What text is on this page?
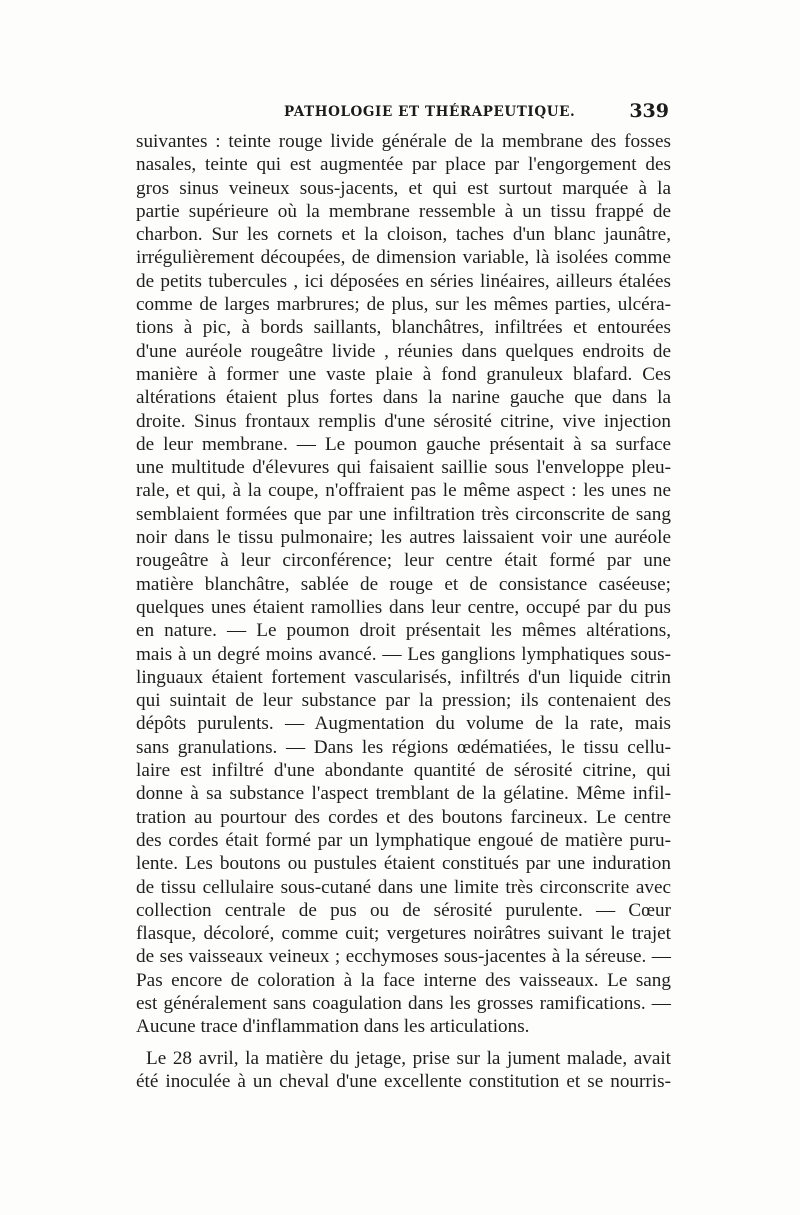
PATHOLOGIE ET THÉRAPEUTIQUE.	339
suivantes : teinte rouge livide générale de la membrane des fosses
nasales, teinte qui est augmentée par place par l'engorgement des
gros sinus veineux sous-jacents, et qui est surtout marquée à la
partie supérieure où la membrane ressemble à un tissu frappé de
charbon. Sur les cornets et la cloison, taches d'un blanc jaunâtre,
irrégulièrement découpées, de dimension variable, là isolées comme
de petits tubercules , ici déposées en séries linéaires, ailleurs étalées
comme de larges marbrures; de plus, sur les mêmes parties, ulcéra-
tions à pic, à bords saillants, blanchâtres, infiltrées et entourées
d'une auréole rougeâtre livide , réunies dans quelques endroits de
manière à former une vaste plaie à fond granuleux blafard. Ces
altérations étaient plus fortes dans la narine gauche que dans la
droite. Sinus frontaux remplis d'une sérosité citrine, vive injection
de leur membrane. — Le poumon gauche présentait à sa surface
une multitude d'élevures qui faisaient saillie sous l'enveloppe pleu-
rale, et qui, à la coupe, n'offraient pas le même aspect : les unes ne
semblaient formées que par une infiltration très circonscrite de sang
noir dans le tissu pulmonaire; les autres laissaient voir une auréole
rougeâtre à leur circonférence; leur centre était formé par une
matière blanchâtre, sablée de rouge et de consistance caséeuse;
quelques unes étaient ramollies dans leur centre, occupé par du pus
en nature. — Le poumon droit présentait les mêmes altérations,
mais à un degré moins avancé. — Les ganglions lymphatiques sous-
linguaux étaient fortement vascularisés, infiltrés d'un liquide citrin
qui suintait de leur substance par la pression; ils contenaient des
dépôts purulents. — Augmentation du volume de la rate, mais
sans granulations. — Dans les régions œdématiées, le tissu cellu-
laire est infiltré d'une abondante quantité de sérosité citrine, qui
donne à sa substance l'aspect tremblant de la gélatine. Même infil-
tration au pourtour des cordes et des boutons farcineux. Le centre
des cordes était formé par un lymphatique engoué de matière puru-
lente. Les boutons ou pustules étaient constitués par une induration
de tissu cellulaire sous-cutané dans une limite très circonscrite avec
collection centrale de pus ou de sérosité purulente. — Cœur
flasque, décoloré, comme cuit; vergetures noirâtres suivant le trajet
de ses vaisseaux veineux ; ecchymoses sous-jacentes à la séreuse. —
Pas encore de coloration à la face interne des vaisseaux. Le sang
est généralement sans coagulation dans les grosses ramifications. —
Aucune trace d'inflammation dans les articulations.
Le 28 avril, la matière du jetage, prise sur la jument malade, avait
été inoculée à un cheval d'une excellente constitution et se nourris-
